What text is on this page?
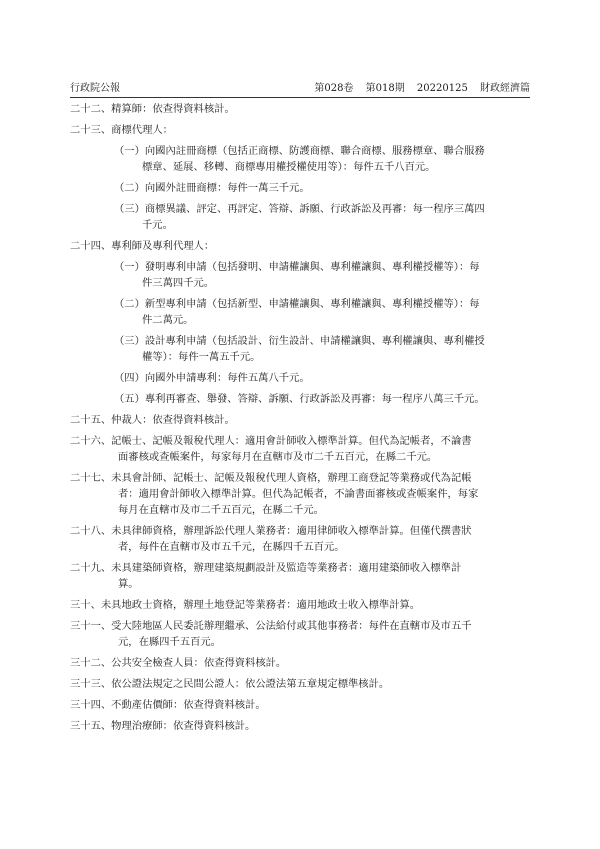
行政院公報	第028卷 第018期 20220125 財政經濟篇
二十二、精算師：依查得資料核計。
二十三、商標代理人：
（一）向國內註冊商標（包括正商標、防護商標、聯合商標、服務標章、聯合服務
標章、延展、移轉、商標專用權授權使用等）：每件五千八百元。
（二）向國外註冊商標：每件一萬三千元。
（三）商標異議、評定、再評定、答辯、訴願、行政訴訟及再審：每一程序三萬四
千元。
二十四、專利師及專利代理人：
（一）發明專利申請（包括發明、申請權讓與、專利權讓與、專利權授權等）：每
件三萬四千元。
（二）新型專利申請（包括新型、申請權讓與、專利權讓與、專利權授權等）：每
件二萬元。
（三）設計專利申請（包括設計、衍生設計、申請權讓與、專利權讓與、專利權授
權等）：每件一萬五千元。
（四）向國外申請專利：每件五萬八千元。
（五）專利再審查、舉發、答辯、訴願、行政訴訟及再審：每一程序八萬三千元。
二十五、仲裁人：依查得資料核計。
二十六、記帳士、記帳及報稅代理人：適用會計師收入標準計算。但代為記帳者，不論書
面審核或查帳案件，每家每月在直轄市及市二千五百元，在縣二千元。
二十七、未具會計師、記帳士、記帳及報稅代理人資格，辦理工商登記等業務或代為記帳
者：適用會計師收入標準計算。但代為記帳者，不論書面審核或查帳案件，每家
每月在直轄市及市二千五百元，在縣二千元。
二十八、未具律師資格，辦理訴訟代理人業務者：適用律師收入標準計算。但僅代撰書狀
者，每件在直轄市及市五千元，在縣四千五百元。
二十九、未具建築師資格，辦理建築規劃設計及監造等業務者：適用建築師收入標準計
算。
三十、未具地政士資格，辦理土地登記等業務者：適用地政士收入標準計算。
三十一、受大陸地區人民委託辦理繼承、公法給付或其他事務者：每件在直轄市及市五千
元，在縣四千五百元。
三十二、公共安全檢查人員：依查得資料核計。
三十三、依公證法規定之民間公證人：依公證法第五章規定標準核計。
三十四、不動產估價師：依查得資料核計。
三十五、物理治療師：依查得資料核計。
